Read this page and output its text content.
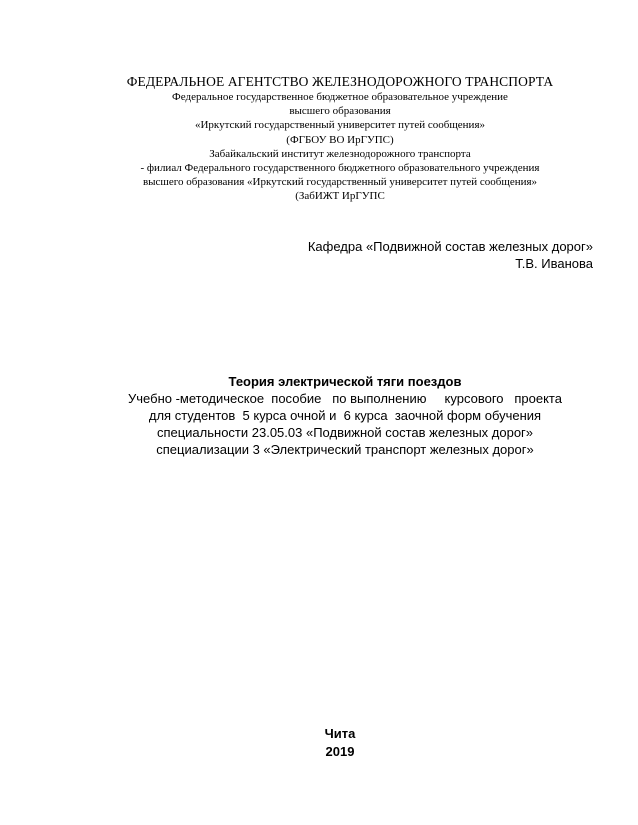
ФЕДЕРАЛЬНОЕ АГЕНТСТВО ЖЕЛЕЗНОДОРОЖНОГО ТРАНСПОРТА
Федеральное государственное бюджетное образовательное учреждение
высшего образования
«Иркутский государственный университет путей сообщения»
(ФГБОУ ВО ИрГУПС)
Забайкальский институт железнодорожного транспорта
- филиал Федерального государственного бюджетного образовательного учреждения
высшего образования «Иркутский государственный университет путей сообщения»
(ЗабИЖТ ИрГУПС
Кафедра «Подвижной состав железных дорог»
Т.В. Иванова
Теория электрической тяги поездов
Учебно -методическое  пособие   по выполнению     курсового   проекта
для студентов  5 курса очной и  6 курса  заочной форм обучения
специальности 23.05.03 «Подвижной состав железных дорог»
специализации 3 «Электрический транспорт железных дорог»
Чита
2019
